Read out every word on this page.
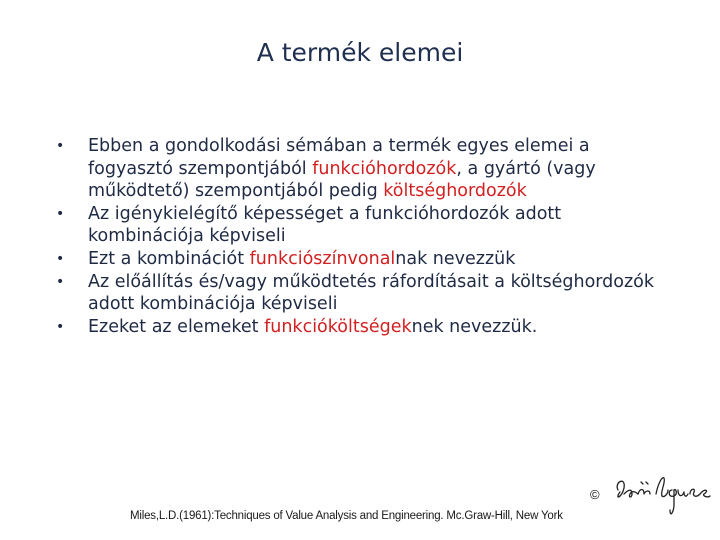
A termék elemei
• Ebben a gondolkodási sémában a termék egyes elemei a fogyasztó szempontjából funkcióhordozók, a gyártó (vagy működtető) szempontjából pedig költséghordozók
• Az igénykielégítő képességet a funkcióhordozók adott kombinációja képviseli
• Ezt a kombinációt funkciószínvonalnak nevezzük
• Az előállítás és/vagy működtetés ráfordításait a költséghordozók adott kombinációja képviseli
• Ezeket az elemeket funkcióköltségeknek nevezzük.
©
Miles,L.D.(1961):Techniques of Value Analysis and Engineering. Mc.Graw-Hill, New York
